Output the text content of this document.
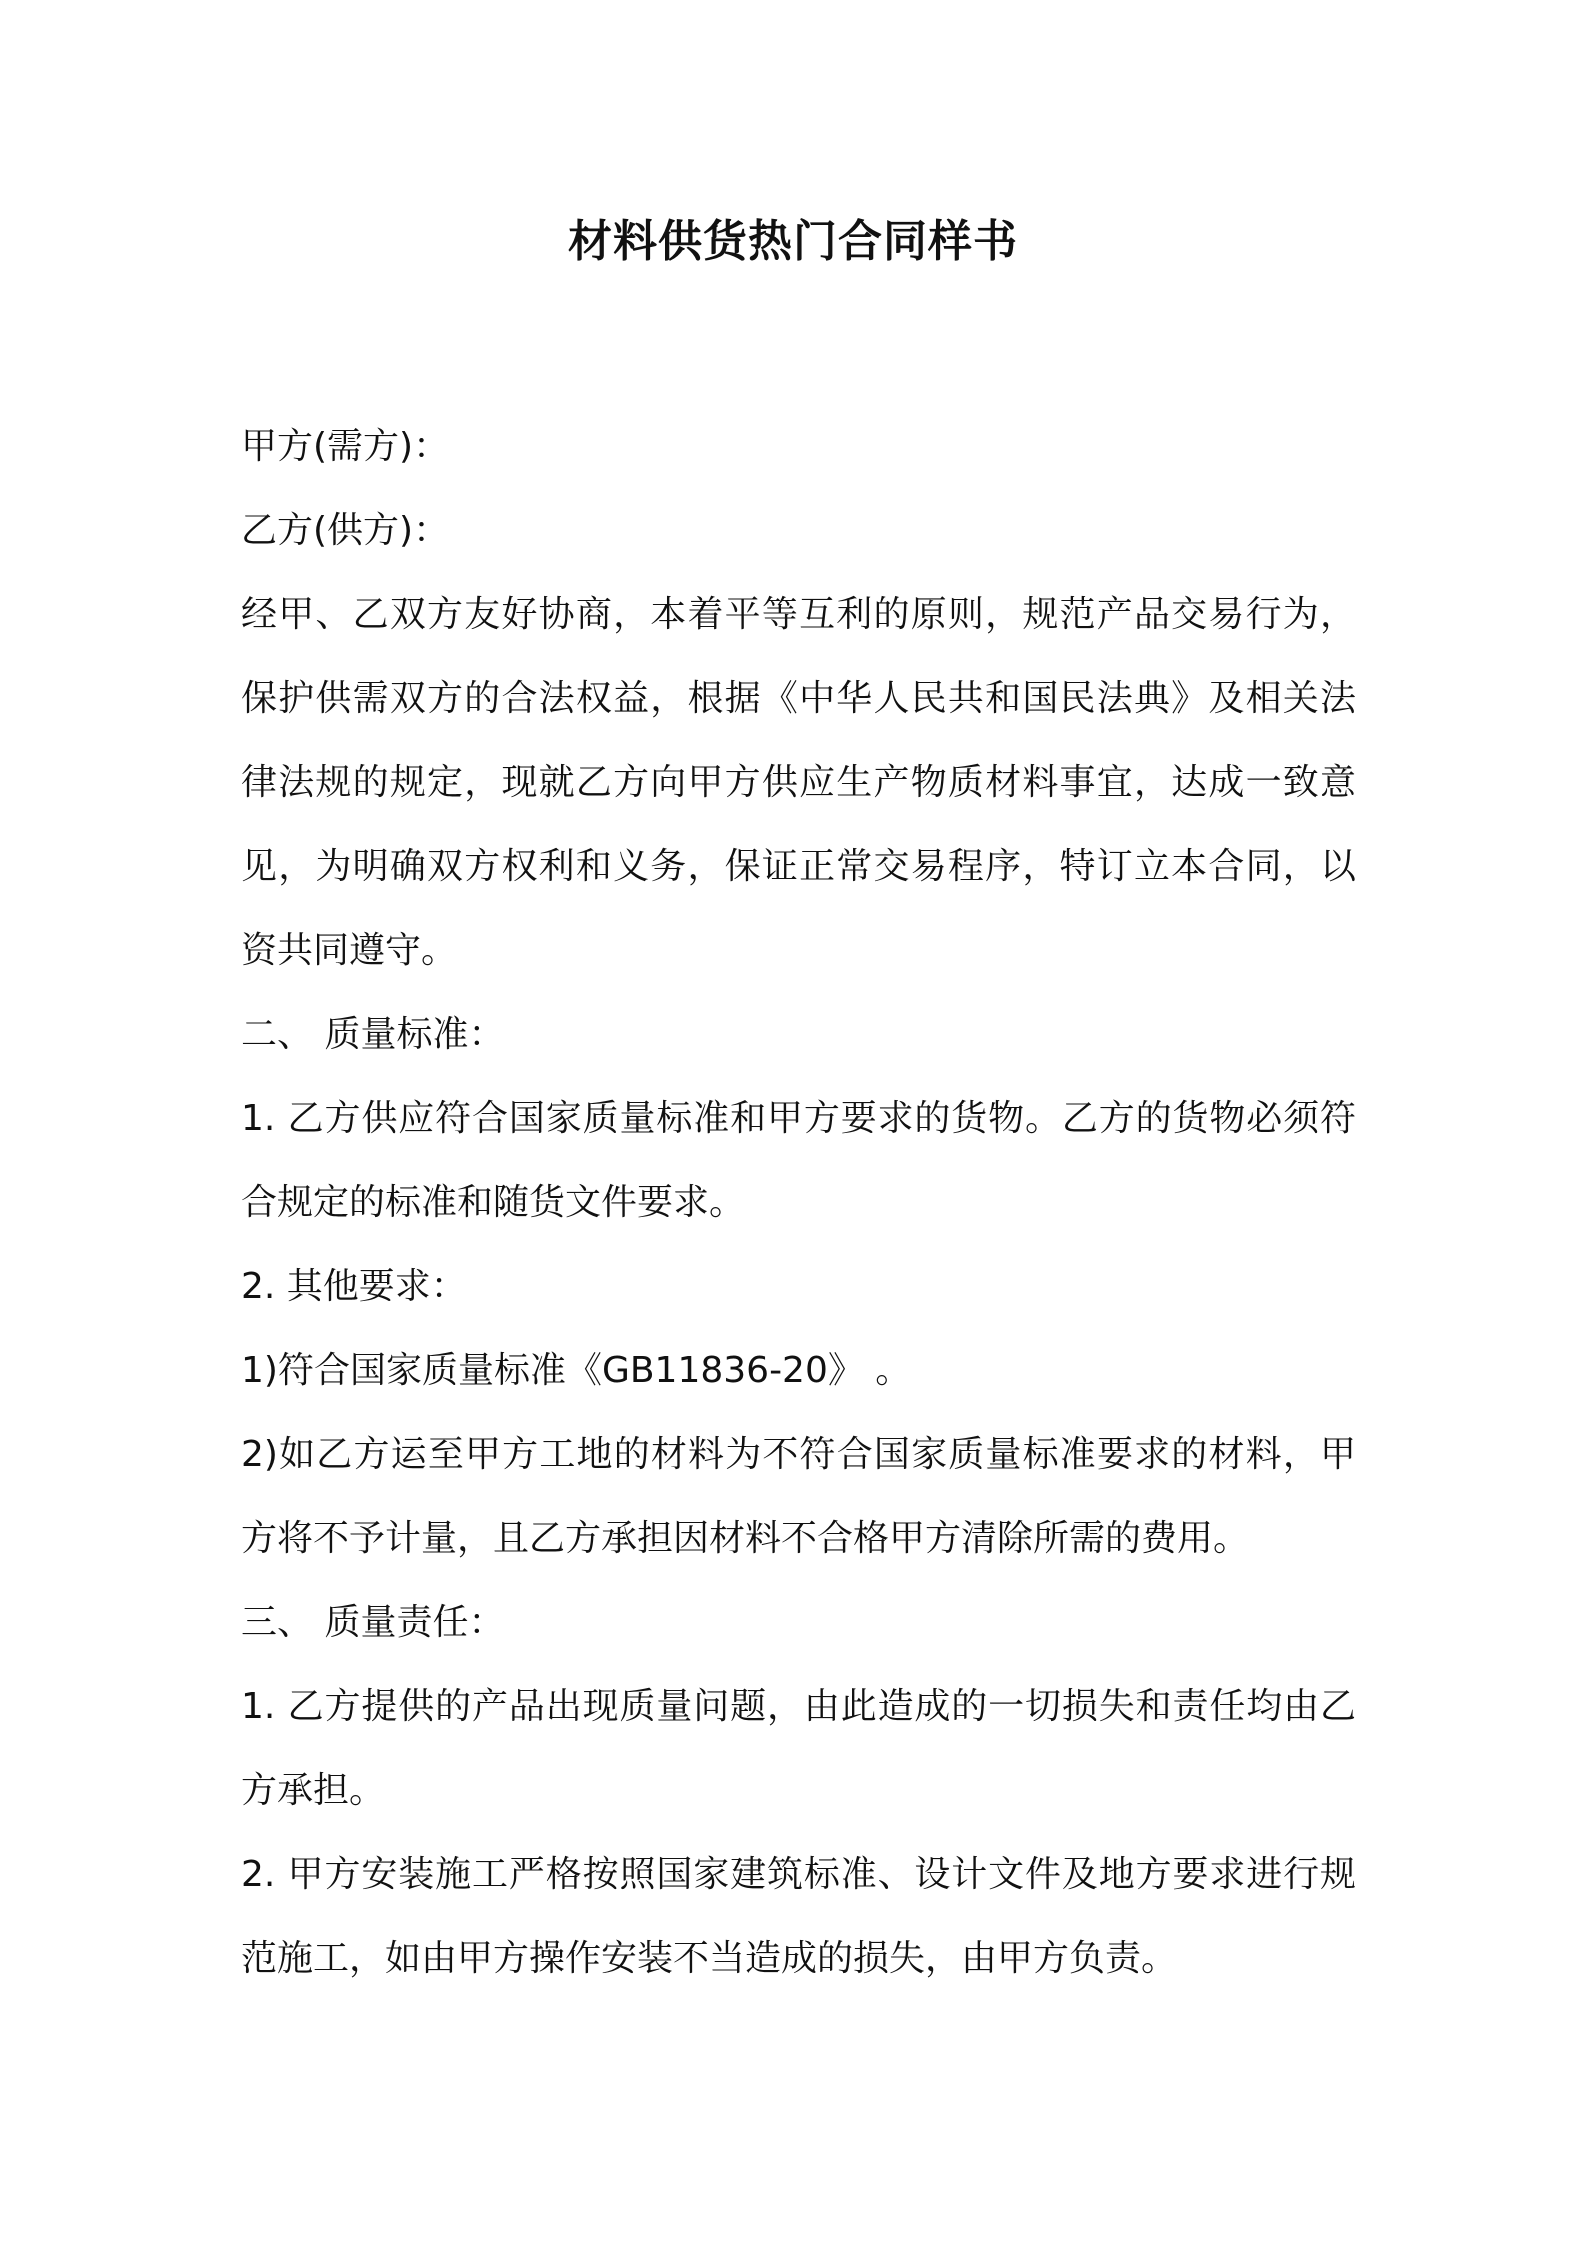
材料供货热门合同样书

甲方(需方)：

乙方(供方)：

经甲、乙双方友好协商，本着平等互利的原则，规范产品交易行为，保护供需双方的合法权益，根据《中华人民共和国民法典》及相关法律法规的规定，现就乙方向甲方供应生产物质材料事宜，达成一致意见，为明确双方权利和义务，保证正常交易程序，特订立本合同，以资共同遵守。

二、 质量标准：

1. 乙方供应符合国家质量标准和甲方要求的货物。乙方的货物必须符合规定的标准和随货文件要求。

2. 其他要求：

1)符合国家质量标准《GB11836-20》 。

2)如乙方运至甲方工地的材料为不符合国家质量标准要求的材料，甲方将不予计量，且乙方承担因材料不合格甲方清除所需的费用。

三、 质量责任：

1. 乙方提供的产品出现质量问题，由此造成的一切损失和责任均由乙方承担。

2. 甲方安装施工严格按照国家建筑标准、设计文件及地方要求进行规范施工，如由甲方操作安装不当造成的损失，由甲方负责。
